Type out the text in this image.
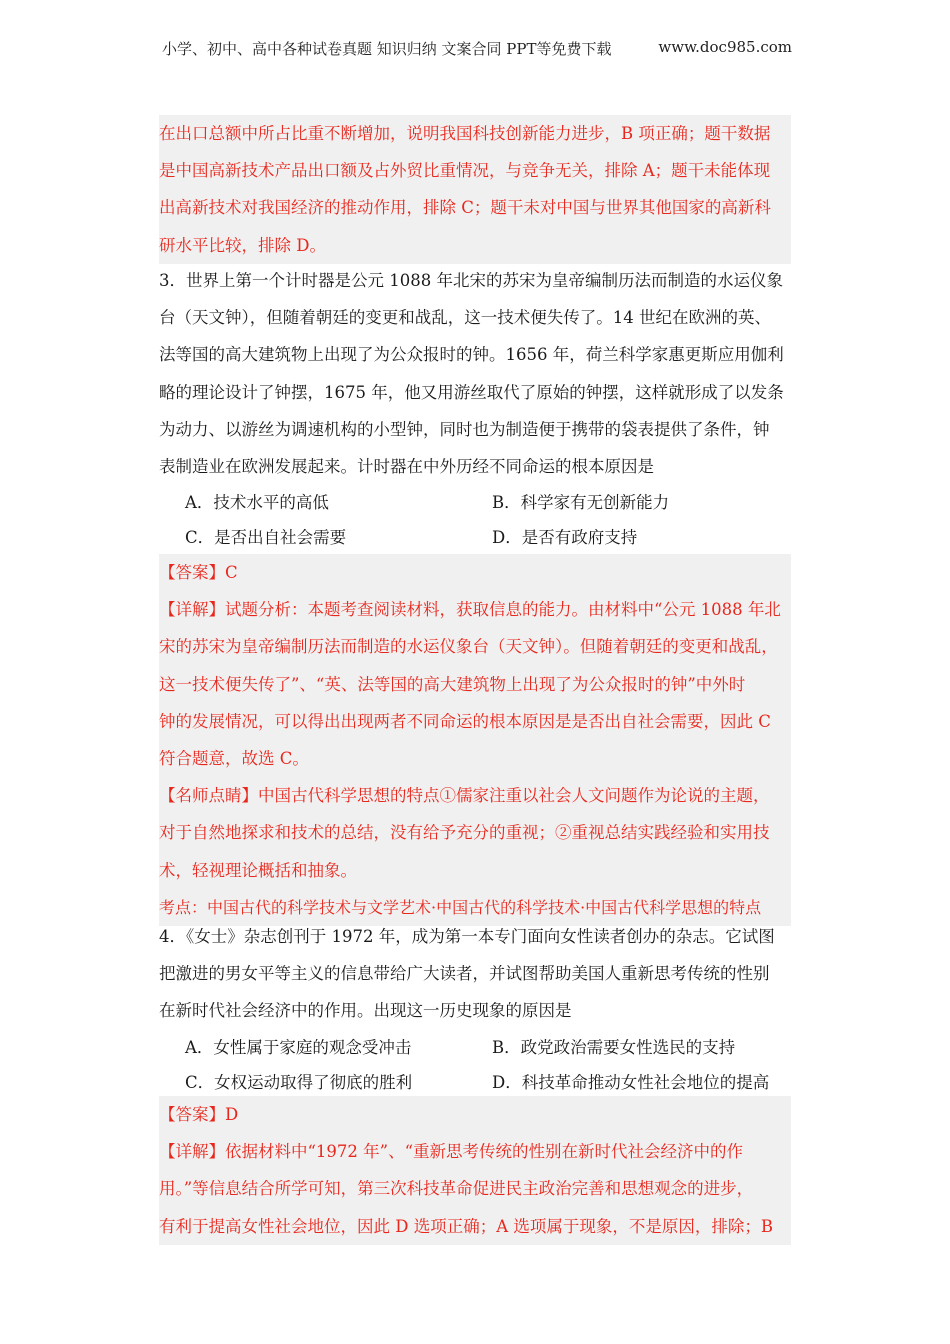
小学、初中、高中各种试卷真题 知识归纳 文案合同 PPT等免费下载	www.doc985.com
在出口总额中所占比重不断增加，说明我国科技创新能力进步，B 项正确；题干数据
是中国高新技术产品出口额及占外贸比重情况，与竞争无关，排除 A；题干未能体现
出高新技术对我国经济的推动作用，排除 C；题干未对中国与世界其他国家的高新科
研水平比较，排除 D。
3．世界上第一个计时器是公元 1088 年北宋的苏宋为皇帝编制历法而制造的水运仪象
台（天文钟），但随着朝廷的变更和战乱，这一技术便失传了。14 世纪在欧洲的英、
法等国的高大建筑物上出现了为公众报时的钟。1656 年，荷兰科学家惠更斯应用伽利
略的理论设计了钟摆，1675 年，他又用游丝取代了原始的钟摆，这样就形成了以发条
为动力、以游丝为调速机构的小型钟，同时也为制造便于携带的袋表提供了条件，钟
表制造业在欧洲发展起来。计时器在中外历经不同命运的根本原因是
A．技术水平的高低	B．科学家有无创新能力
C．是否出自社会需要	D．是否有政府支持
【答案】C
【详解】试题分析：本题考查阅读材料，获取信息的能力。由材料中“公元 1088 年北
宋的苏宋为皇帝编制历法而制造的水运仪象台（天文钟）。但随着朝廷的变更和战乱，
这一技术便失传了”、“英、法等国的高大建筑物上出现了为公众报时的钟”中外时
钟的发展情况，可以得出出现两者不同命运的根本原因是是否出自社会需要，因此 C
符合题意，故选 C。
【名师点睛】中国古代科学思想的特点①儒家注重以社会人文问题作为论说的主题，
对于自然地探求和技术的总结，没有给予充分的重视；②重视总结实践经验和实用技
术，轻视理论概括和抽象。
考点：中国古代的科学技术与文学艺术·中国古代的科学技术·中国古代科学思想的特点
4．《女士》杂志创刊于 1972 年，成为第一本专门面向女性读者创办的杂志。它试图
把激进的男女平等主义的信息带给广大读者，并试图帮助美国人重新思考传统的性别
在新时代社会经济中的作用。出现这一历史现象的原因是
A．女性属于家庭的观念受冲击	B．政党政治需要女性选民的支持
C．女权运动取得了彻底的胜利	D．科技革命推动女性社会地位的提高
【答案】D
【详解】依据材料中“1972 年”、“重新思考传统的性别在新时代社会经济中的作
用。”等信息结合所学可知，第三次科技革命促进民主政治完善和思想观念的进步，
有利于提高女性社会地位，因此 D 选项正确；A 选项属于现象，不是原因，排除；B
